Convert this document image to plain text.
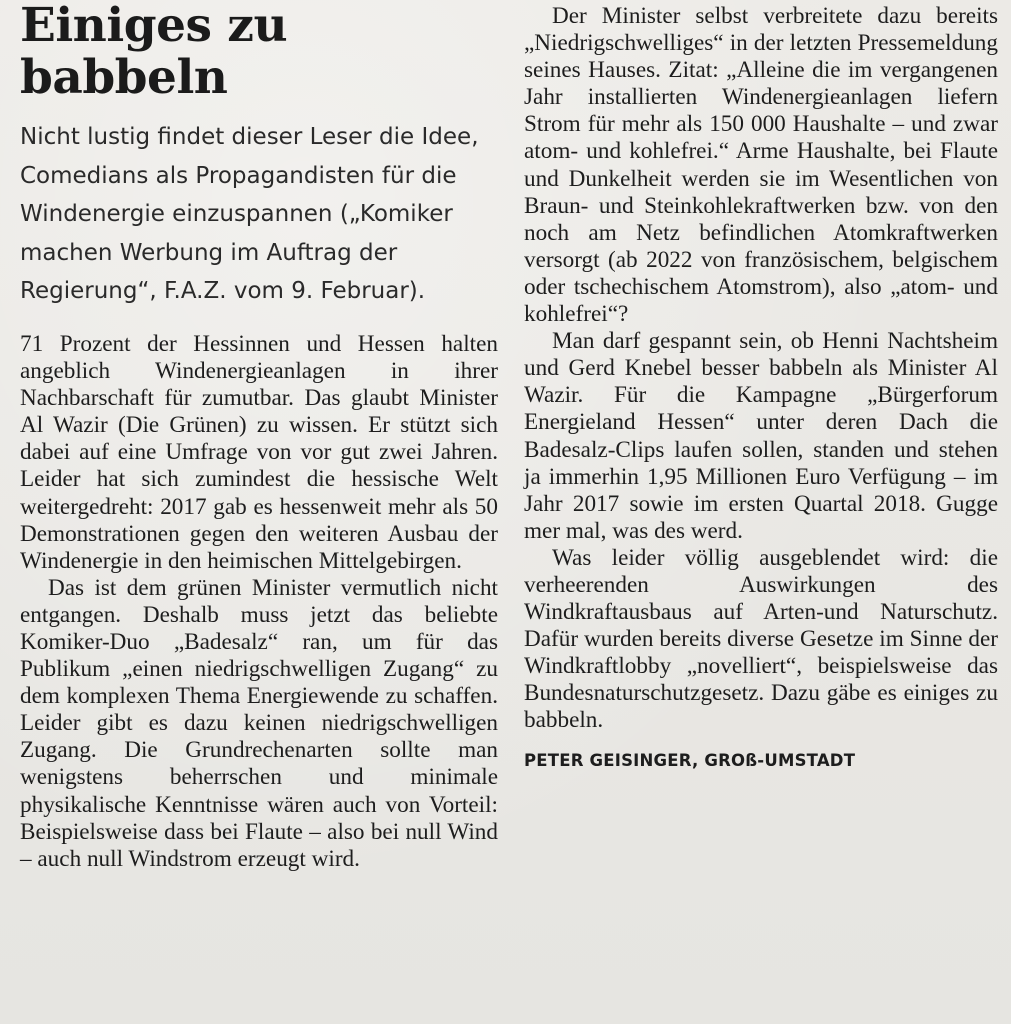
Einiges zu babbeln

Nicht lustig findet dieser Leser die Idee, Comedians als Propagandisten für die Windenergie einzuspannen („Komiker machen Werbung im Auftrag der Regierung“, F.A.Z. vom 9. Februar).

71 Prozent der Hessinnen und Hessen halten angeblich Windenergieanlagen in ihrer Nachbarschaft für zumutbar. Das glaubt Minister Al Wazir (Die Grünen) zu wissen. Er stützt sich dabei auf eine Umfrage von vor gut zwei Jahren. Leider hat sich zumindest die hessische Welt weitergedreht: 2017 gab es hessenweit mehr als 50 Demonstrationen gegen den weiteren Ausbau der Windenergie in den heimischen Mittelgebirgen.

Das ist dem grünen Minister vermutlich nicht entgangen. Deshalb muss jetzt das beliebte Komiker-Duo „Badesalz“ ran, um für das Publikum „einen niedrigschwelligen Zugang“ zu dem komplexen Thema Energiewende zu schaffen. Leider gibt es dazu keinen niedrigschwelligen Zugang. Die Grundrechenarten sollte man wenigstens beherrschen und minimale physikalische Kenntnisse wären auch von Vorteil: Beispielsweise dass bei Flaute – also bei null Wind – auch null Windstrom erzeugt wird.

Der Minister selbst verbreitete dazu bereits „Niedrigschwelliges“ in der letzten Pressemeldung seines Hauses. Zitat: „Alleine die im vergangenen Jahr installierten Windenergieanlagen liefern Strom für mehr als 150 000 Haushalte – und zwar atom- und kohlefrei.“ Arme Haushalte, bei Flaute und Dunkelheit werden sie im Wesentlichen von Braun- und Steinkohlekraftwerken bzw. von den noch am Netz befindlichen Atomkraftwerken versorgt (ab 2022 von französischem, belgischem oder tschechischem Atomstrom), also „atom- und kohlefrei“?

Man darf gespannt sein, ob Henni Nachtsheim und Gerd Knebel besser babbeln als Minister Al Wazir. Für die Kampagne „Bürgerforum Energieland Hessen“ unter deren Dach die Badesalz-Clips laufen sollen, standen und stehen ja immerhin 1,95 Millionen Euro Verfügung – im Jahr 2017 sowie im ersten Quartal 2018. Gugge mer mal, was des werd.

Was leider völlig ausgeblendet wird: die verheerenden Auswirkungen des Windkraftausbaus auf Arten-und Naturschutz. Dafür wurden bereits diverse Gesetze im Sinne der Windkraftlobby „novelliert“, beispielsweise das Bundesnaturschutzgesetz. Dazu gäbe es einiges zu babbeln.

PETER GEISINGER, GROß-UMSTADT
